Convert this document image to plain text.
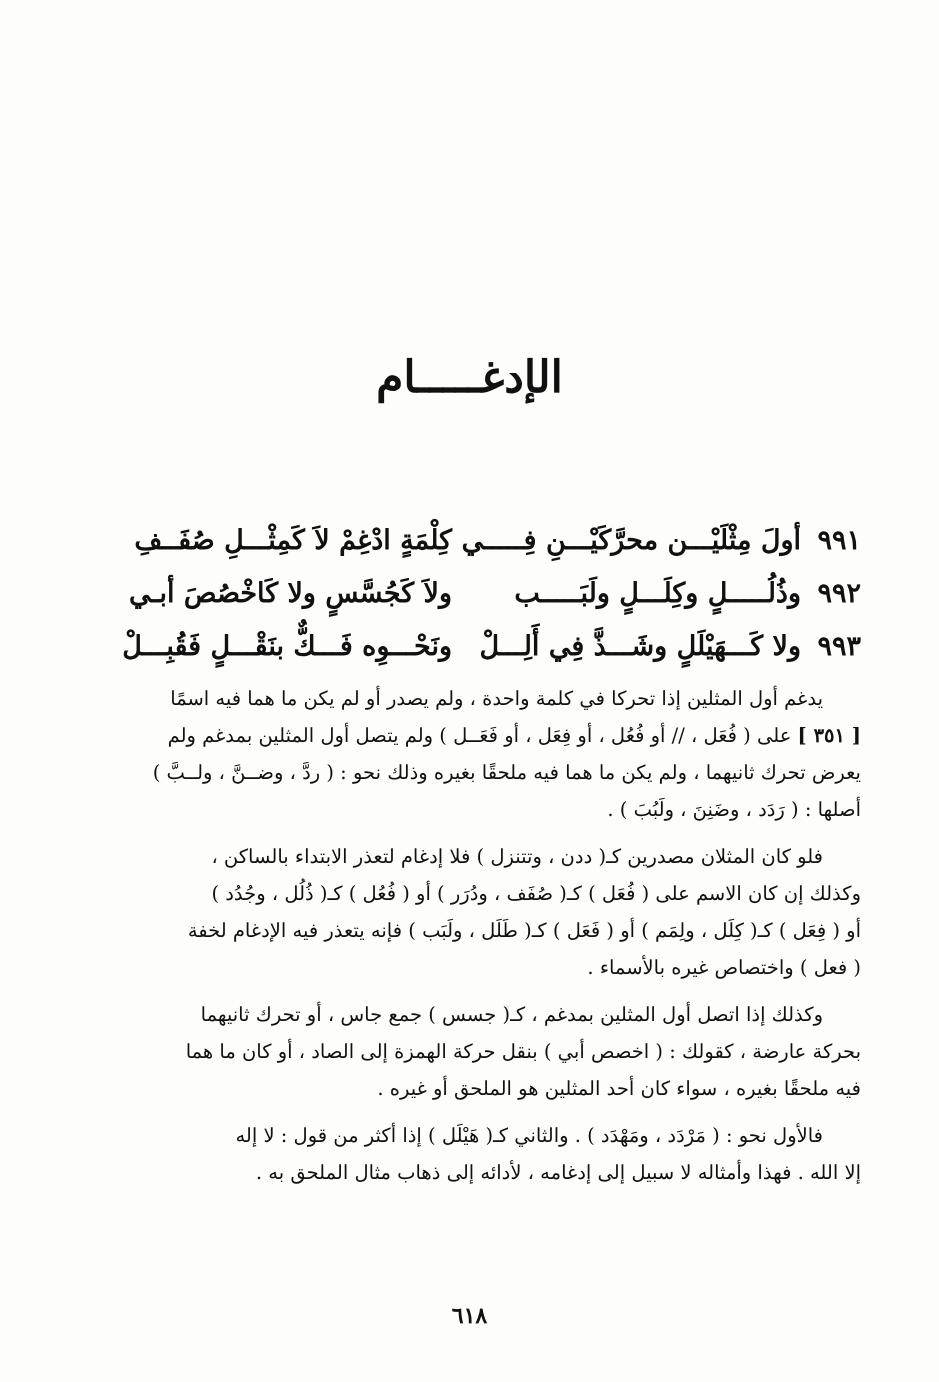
الإدغـــــام
٩٩١
أولَ مِثْلَيْـــن محرَّكَيْـــنِ فِـــــي
كِلْمَةٍ ادْغِمْ لاَ كَمِثْـــلِ صُفَــفِ
٩٩٢
وذُلُـــــلٍ وكِلَـــلٍ ولَبَـــــب
ولاَ كَجُسَّسٍ ولا كَاخْصُصَ أبـي
٩٩٣
ولا كَـــهَيْلَلٍ وشَـــذَّ فِي أَلِـــلْ
ونَحْـــوِه فَـــكٌّ بنَقْـــلٍ فَقُبِـــلْ

يدغم أول المثلين إذا تحركا في كلمة واحدة ، ولم يصدر أو لم يكن ما هما فيه اسمًا

[ ٣٥١ ] على ( فُعَل ، // أو فُعُل ، أو فِعَل ، أو فَعَــل ) ولم يتصل أول المثلين بمدغم ولم

يعرض تحرك ثانيهما ، ولم يكن ما هما فيه ملحقًا بغيره وذلك نحو : ( ردَّ ، وضــنَّ ، ولــبَّ )

أصلها : ( رَدَد ، وضَنِنَ ، ولَبُبَ ) .

فلو كان المثلان مصدرين كـ( ددن ، وتتنزل ) فلا إدغام لتعذر الابتداء بالساكن ،

وكذلك إن كان الاسم على ( فُعَل ) كـ( صُفَف ، ودُرَر ) أو ( فُعُل ) كـ( ذُلُل ، وجُدُد )

أو ( فِعَل ) كـ( كِلَل ، ولِمَم ) أو ( فَعَل ) كـ( طَلَل ، ولَبَب ) فإنه يتعذر فيه الإدغام لخفة

( فعل ) واختصاص غيره بالأسماء .

وكذلك إذا اتصل أول المثلين بمدغم ، كـ( جسس ) جمع جاس ، أو تحرك ثانيهما

بحركة عارضة ، كقولك : ( اخصص أبي ) بنقل حركة الهمزة إلى الصاد ، أو كان ما هما

فيه ملحقًا بغيره ، سواء كان أحد المثلين هو الملحق أو غيره .

فالأول نحو : ( مَرْدَد ، ومَهْدَد ) . والثاني كـ( هَيْلَل ) إذا أكثر من قول : لا إله

إلا الله . فهذا وأمثاله لا سبيل إلى إدغامه ، لأدائه إلى ذهاب مثال الملحق به .

٦١٨
